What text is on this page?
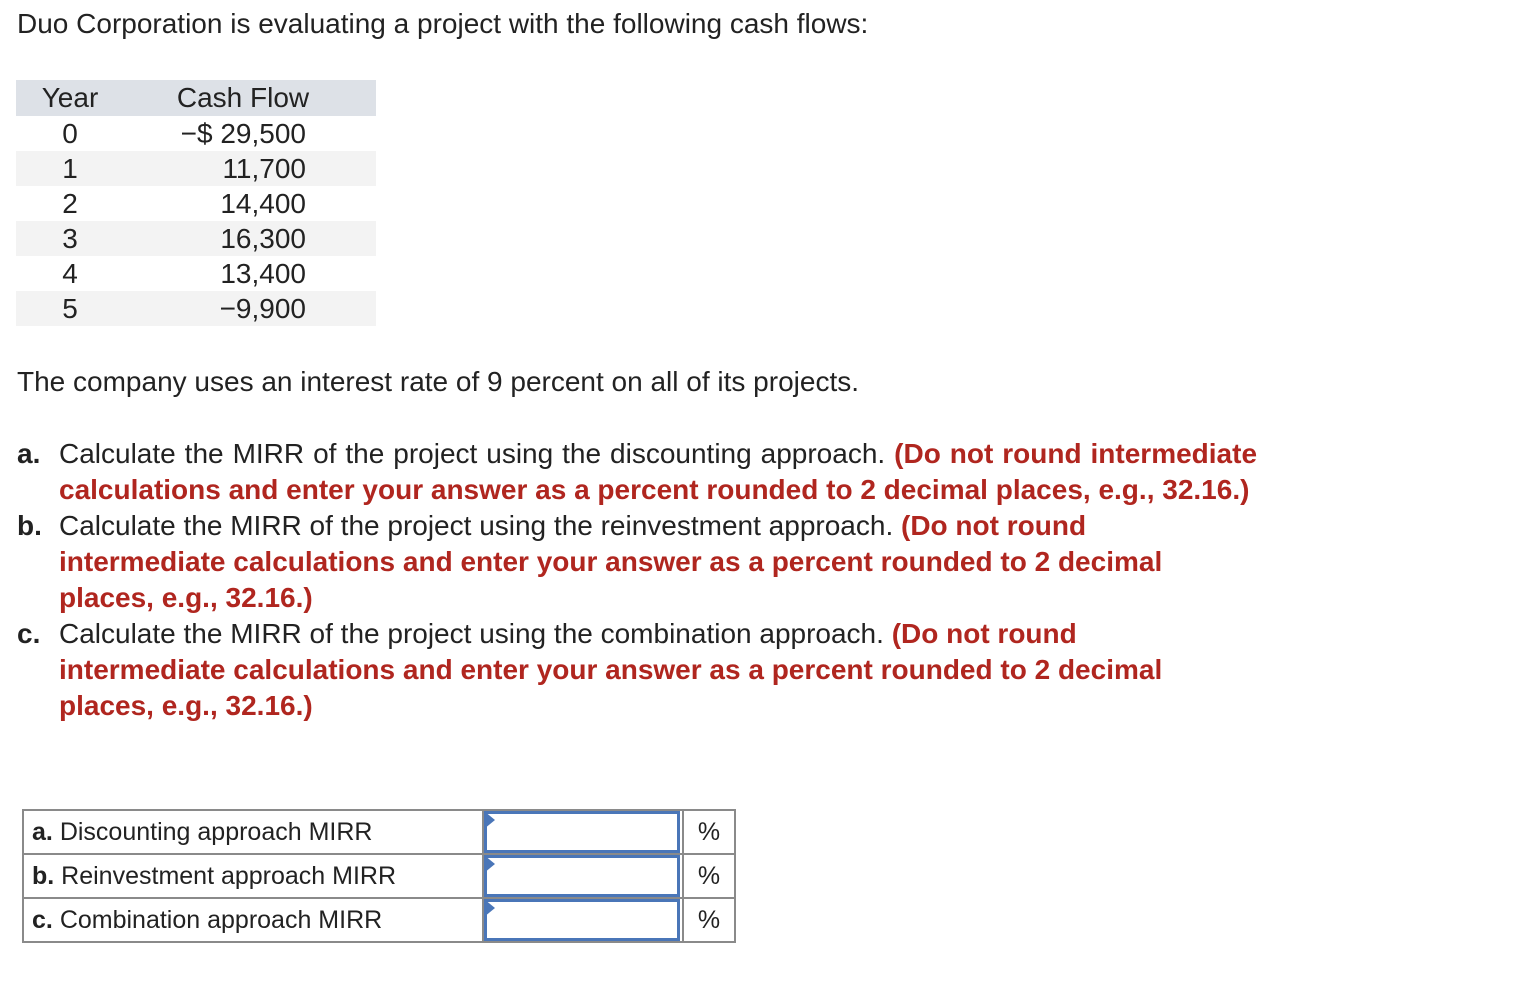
Duo Corporation is evaluating a project with the following cash flows:
Year	Cash Flow
0	−$ 29,500
1	11,700
2	14,400
3	16,300
4	13,400
5	−9,900
The company uses an interest rate of 9 percent on all of its projects.
a. Calculate the MIRR of the project using the discounting approach. (Do not round intermediate calculations and enter your answer as a percent rounded to 2 decimal places, e.g., 32.16.)
b. Calculate the MIRR of the project using the reinvestment approach. (Do not round intermediate calculations and enter your answer as a percent rounded to 2 decimal places, e.g., 32.16.)
c. Calculate the MIRR of the project using the combination approach. (Do not round intermediate calculations and enter your answer as a percent rounded to 2 decimal places, e.g., 32.16.)
a. Discounting approach MIRR		%
b. Reinvestment approach MIRR		%
c. Combination approach MIRR		%
